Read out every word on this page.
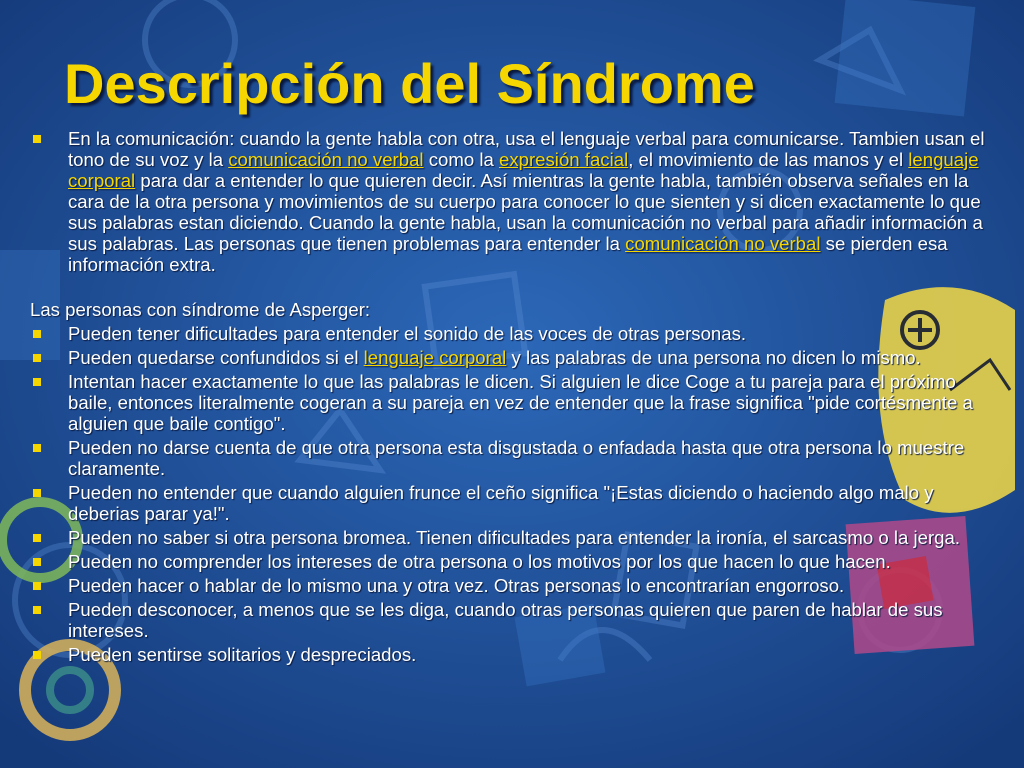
Descripción del Síndrome
En la comunicación: cuando la gente habla con otra, usa el lenguaje verbal para comunicarse. Tambien usan el tono de su voz y la comunicación no verbal como la expresión facial, el movimiento de las manos y el lenguaje corporal para dar a entender lo que quieren decir. Así mientras la gente habla, también observa señales en la cara de la otra persona y movimientos de su cuerpo para conocer lo que sienten y si dicen exactamente lo que sus palabras estan diciendo. Cuando la gente habla, usan la comunicación no verbal para añadir información a sus palabras. Las personas que tienen problemas para entender la comunicación no verbal se pierden esa información extra.
Las personas con síndrome de Asperger:
Pueden tener dificultades para entender el sonido de las voces de otras personas.
Pueden quedarse confundidos si el lenguaje corporal y las palabras de una persona no dicen lo mismo.
Intentan hacer exactamente lo que las palabras le dicen. Si alguien le dice Coge a tu pareja para el próximo baile, entonces literalmente cogeran a su pareja en vez de entender que la frase significa "pide cortésmente a alguien que baile contigo".
Pueden no darse cuenta de que otra persona esta disgustada o enfadada hasta que otra persona lo muestre claramente.
Pueden no entender que cuando alguien frunce el ceño significa "¡Estas diciendo o haciendo algo malo y deberias parar ya!".
Pueden no saber si otra persona bromea. Tienen dificultades para entender la ironía, el sarcasmo o la jerga.
Pueden no comprender los intereses de otra persona o los motivos por los que hacen lo que hacen.
Pueden hacer o hablar de lo mismo una y otra vez. Otras personas lo encontrarían engorroso.
Pueden desconocer, a menos que se les diga, cuando otras personas quieren que paren de hablar de sus intereses.
Pueden sentirse solitarios y despreciados.
